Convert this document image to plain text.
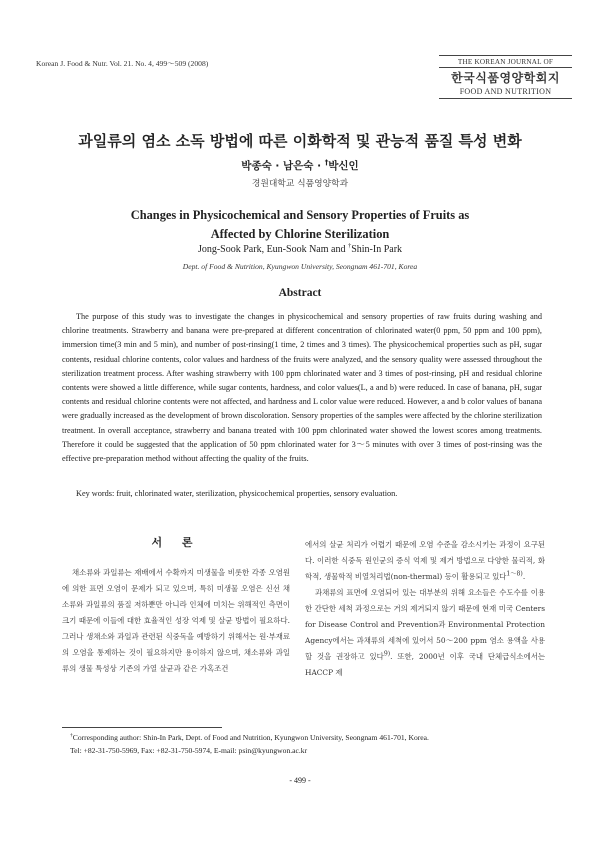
Korean J. Food & Nutr. Vol. 21. No. 4, 499～509 (2008)	THE KOREAN JOURNAL OF
한국식품영양학회지
FOOD AND NUTRITION
과일류의 염소 소독 방법에 따른 이화학적 및 관능적 품질 특성 변화
박종숙 · 남은숙 · †박신인
경원대학교 식품영양학과
Changes in Physicochemical and Sensory Properties of Fruits as
Affected by Chlorine Sterilization
Jong-Sook Park, Eun-Sook Nam and †Shin-In Park
Dept. of Food & Nutrition, Kyungwon University, Seongnam 461-701, Korea
Abstract

The purpose of this study was to investigate the changes in physicochemical and sensory properties of raw fruits during washing and chlorine treatments. Strawberry and banana were pre-prepared at different concentration of chlorinated water(0 ppm, 50 ppm and 100 ppm), immersion time(3 min and 5 min), and number of post-rinsing(1 time, 2 times and 3 times). The physicochemical properties such as pH, sugar contents, residual chlorine contents, color values and hardness of the fruits were analyzed, and the sensory quality were assessed throughout the sterilization treatment process. After washing strawberry with 100 ppm chlorinated water and 3 times of post-rinsing, pH and residual chlorine contents were showed a little difference, while sugar contents, hardness, and color values(L, a and b) were reduced. In case of banana, pH, sugar contents and residual chlorine contents were not affected, and hardness and L color value were reduced. However, a and b color values of banana were gradually increased as the development of brown discoloration. Sensory properties of the samples were affected by the chlorine sterilization treatment. In overall acceptance, strawberry and banana treated with 100 ppm chlorinated water showed the lowest scores among treatments. Therefore it could be suggested that the application of 50 ppm chlorinated water for 3～5 minutes with over 3 times of post-rinsing was the effective pre-preparation method without affecting the quality of the fruits.

Key words: fruit, chlorinated water, sterilization, physicochemical properties, sensory evaluation.
서 론

채소류와 과일류는 재배에서 수확까지 미생물을 비롯한 각종 오염원에 의한 표면 오염이 문제가 되고 있으며, 특히 미생물 오염은 신선 채소류와 과일류의 품질 저하뿐만 아니라 인체에 미치는 위해적인 측면이 크기 때문에 이들에 대한 효율적인 성장 억제 및 살균 방법이 필요하다. 그러나 생채소와 과일과 관련된 식중독을 예방하기 위해서는 원·부재료의 오염을 통제하는 것이 필요하지만 용이하지 않으며, 채소류와 과일류의 생물 특성상 기존의 가열 살균과 같은 가혹조건

에서의 살균 처리가 어렵기 때문에 오염 수준을 감소시키는 과정이 요구된다. 이러한 식중독 원인균의 증식 억제 및 제거 방법으로 다양한 물리적, 화학적, 생물학적 비열처리법(non-thermal) 등이 활용되고 있다$^{1\sim 8)}$.

과채류의 표면에 오염되어 있는 대부분의 위해 요소들은 수도수를 이용한 간단한 세척 과정으로는 거의 제거되지 않기 때문에 현재 미국 Centers for Disease Control and Prevention과 Environmental Protection Agency에서는 과채류의 세척에 있어서 50～200 ppm 염소 용액을 사용할 것을 권장하고 있다$^{9)}$. 또한, 2000년 이후 국내 단체급식소에서는 HACCP 제

†Corresponding author: Shin-In Park, Dept. of Food and Nutrition, Kyungwon University, Seongnam 461-701, Korea.
Tel: +82-31-750-5969, Fax: +82-31-750-5974, E-mail: psin@kyungwon.ac.kr
- 499 -
